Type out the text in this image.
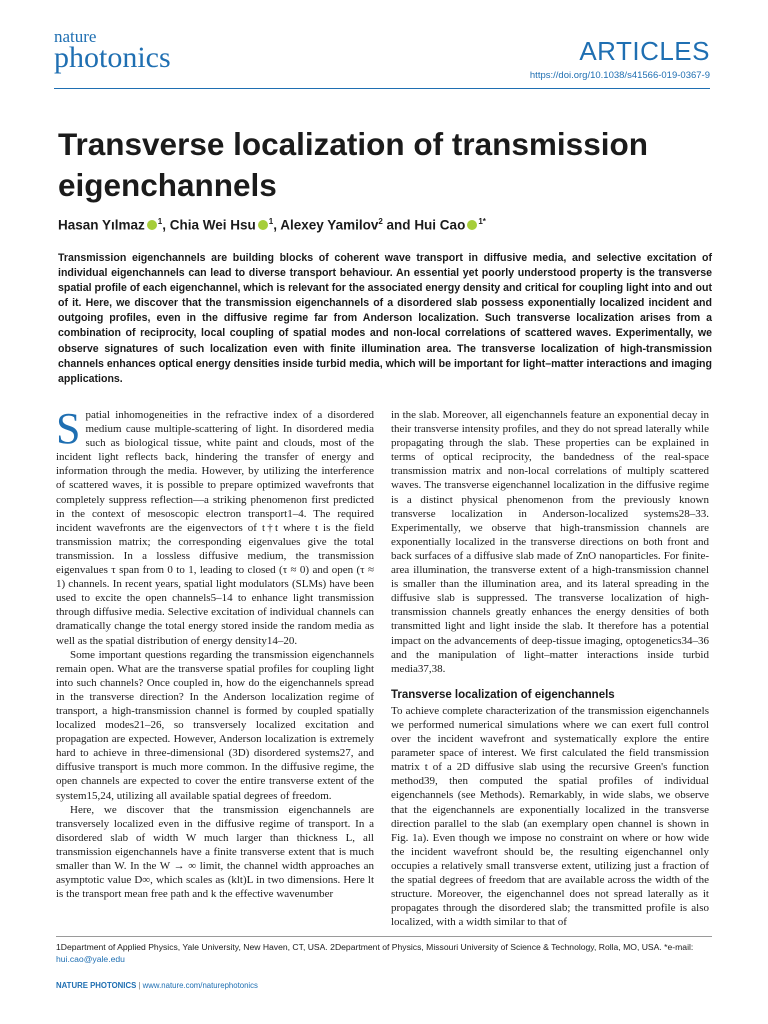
nature
photonics	ARTICLES
https://doi.org/10.1038/s41566-019-0367-9
Transverse localization of transmission eigenchannels
Hasan Yılmaz $^1$, Chia Wei Hsu $^1$, Alexey Yamilov$^2$ and Hui Cao $^{1*}$
Transmission eigenchannels are building blocks of coherent wave transport in diffusive media, and selective excitation of individual eigenchannels can lead to diverse transport behaviour. An essential yet poorly understood property is the transverse spatial profile of each eigenchannel, which is relevant for the associated energy density and critical for coupling light into and out of it. Here, we discover that the transmission eigenchannels of a disordered slab possess exponentially localized incident and outgoing profiles, even in the diffusive regime far from Anderson localization. Such transverse localization arises from a combination of reciprocity, local coupling of spatial modes and non-local correlations of scattered waves. Experimentally, we observe signatures of such localization even with finite illumination area. The transverse localization of high-transmission channels enhances optical energy densities inside turbid media, which will be important for light–matter interactions and imaging applications.

Spatial inhomogeneities in the refractive index of a disordered medium cause multiple-scattering of light. In disordered media such as biological tissue, white paint and clouds, most of the incident light reflects back, hindering the transfer of energy and information through the media. However, by utilizing the interference of scattered waves, it is possible to prepare optimized wavefronts that completely suppress reflection—a striking phenomenon first predicted in the context of mesoscopic electron transport1–4. The required incident wavefronts are the eigenvectors of t†t where t is the field transmission matrix; the corresponding eigenvalues give the total transmission. In a lossless diffusive medium, the transmission eigenvalues τ span from 0 to 1, leading to closed (τ ≈ 0) and open (τ ≈ 1) channels. In recent years, spatial light modulators (SLMs) have been used to excite the open channels5–14 to enhance light transmission through diffusive media. Selective excitation of individual channels can dramatically change the total energy stored inside the random media as well as the spatial distribution of energy density14–20.

Some important questions regarding the transmission eigenchannels remain open. What are the transverse spatial profiles for coupling light into such channels? Once coupled in, how do the eigenchannels spread in the transverse direction? In the Anderson localization regime of transport, a high-transmission channel is formed by coupled spatially localized modes21–26, so transversely localized excitation and propagation are expected. However, Anderson localization is extremely hard to achieve in three-dimensional (3D) disordered systems27, and diffusive transport is much more common. In the diffusive regime, the open channels are expected to cover the entire transverse extent of the system15,24, utilizing all available spatial degrees of freedom.

Here, we discover that the transmission eigenchannels are transversely localized even in the diffusive regime of transport. In a disordered slab of width W much larger than thickness L, all transmission eigenchannels have a finite transverse extent that is much smaller than W. In the W → ∞ limit, the channel width approaches an asymptotic value D∞, which scales as (klt)L in two dimensions. Here lt is the transport mean free path and k the effective wavenumber

in the slab. Moreover, all eigenchannels feature an exponential decay in their transverse intensity profiles, and they do not spread laterally while propagating through the slab. These properties can be explained in terms of optical reciprocity, the bandedness of the real-space transmission matrix and non-local correlations of multiply scattered waves. The transverse eigenchannel localization in the diffusive regime is a distinct physical phenomenon from the previously known transverse localization in Anderson-localized systems28–33. Experimentally, we observe that high-transmission channels are exponentially localized in the transverse directions on both front and back surfaces of a diffusive slab made of ZnO nanoparticles. For finite-area illumination, the transverse extent of a high-transmission channel is smaller than the illumination area, and its lateral spreading in the diffusive slab is suppressed. The transverse localization of high-transmission channels greatly enhances the energy densities of both transmitted light and light inside the slab. It therefore has a potential impact on the advancements of deep-tissue imaging, optogenetics34–36 and the manipulation of light–matter interactions inside turbid media37,38.

Transverse localization of eigenchannels

To achieve complete characterization of the transmission eigenchannels we performed numerical simulations where we can exert full control over the incident wavefront and systematically explore the entire parameter space of interest. We first calculated the field transmission matrix t of a 2D diffusive slab using the recursive Green's function method39, then computed the spatial profiles of individual eigenchannels (see Methods). Remarkably, in wide slabs, we observe that the eigenchannels are exponentially localized in the transverse direction parallel to the slab (an exemplary open channel is shown in Fig. 1a). Even though we impose no constraint on where or how wide the incident wavefront should be, the resulting eigenchannel only occupies a relatively small transverse extent, utilizing just a fraction of the spatial degrees of freedom that are available across the width of the structure. Moreover, the eigenchannel does not spread laterally as it propagates through the disordered slab; the transmitted profile is also localized, with a width similar to that of

1Department of Applied Physics, Yale University, New Haven, CT, USA. 2Department of Physics, Missouri University of Science & Technology, Rolla, MO, USA. *e-mail: hui.cao@yale.edu
NATURE PHOTONICS | www.nature.com/naturephotonics
